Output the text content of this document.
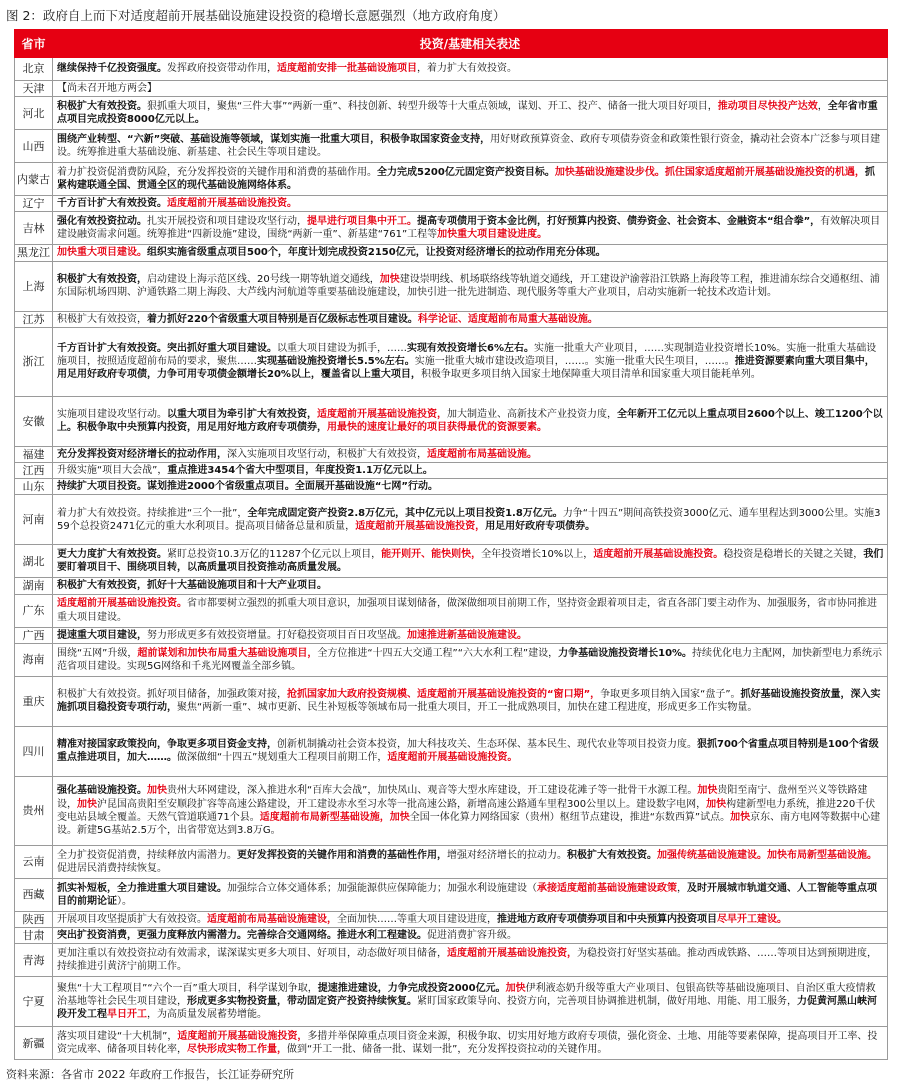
图 2：政府自上而下对适度超前开展基础设施建设投资的稳增长意愿强烈（地方政府角度）
省市	投资/基建相关表述
北京	继续保持千亿投资强度。发挥政府投资带动作用，适度超前安排一批基础设施项目，着力扩大有效投资。
天津	【尚未召开地方两会】
河北	积极扩大有效投资。狠抓重大项目，聚焦“三件大事”“两新一重”、科技创新、转型升级等十大重点领域，谋划、开工、投产、储备一批大项目好项目，推动项目尽快投产达效，全年省市重点项目完成投资8000亿元以上。
山西	围绕产业转型、“六新”突破、基础设施等领域，谋划实施一批重大项目，积极争取国家资金支持，用好财政预算资金、政府专项债券资金和政策性银行资金，撬动社会资本广泛参与项目建设。统筹推进重大基础设施、新基建、社会民生等项目建设。
内蒙古	着力扩投资促消费防风险，充分发挥投资的关键作用和消费的基础作用。全力完成5200亿元固定资产投资目标。加快基础设施建设步伐。抓住国家适度超前开展基础设施投资的机遇，抓紧构建联通全国、贯通全区的现代基础设施网络体系。
辽宁	千方百计扩大有效投资。适度超前开展基础设施投资。
吉林	强化有效投资拉动。扎实开展投资和项目建设攻坚行动，提早进行项目集中开工。提高专项债用于资本金比例，打好预算内投资、债券资金、社会资本、金融资本“组合拳”，有效解决项目建设融资需求问题。统筹推进“四新设施”建设，围绕“两新一重”、新基建“761”工程等加快重大项目建设进度。
黑龙江	加快重大项目建设。组织实施省级重点项目500个，年度计划完成投资2150亿元，让投资对经济增长的拉动作用充分体现。
上海	积极扩大有效投资，启动建设上海示范区线、20号线一期等轨道交通线，加快建设崇明线、机场联络线等轨道交通线，开工建设沪渝蓉沿江铁路上海段等工程，推进浦东综合交通枢纽、浦东国际机场四期、沪通铁路二期上海段、大芦线内河航道等重要基础设施建设，加快引进一批先进制造、现代服务等重大产业项目，启动实施新一轮技术改造计划。
江苏	积极扩大有效投资，着力抓好220个省级重大项目特别是百亿级标志性项目建设。科学论证、适度超前布局重大基础设施。
浙江	千方百计扩大有效投资。突出抓好重大项目建设。以重大项目建设为抓手，……实现有效投资增长6%左右。实施一批重大产业项目，……实现制造业投资增长10%。实施一批重大基础设施项目，按照适度超前布局的要求，聚焦……实现基础设施投资增长5.5%左右。实施一批重大城市建设改造项目，……。实施一批重大民生项目，……。推进资源要素向重大项目集中，用足用好政府专项债，力争可用专项债金额增长20%以上，覆盖省以上重大项目，积极争取更多项目纳入国家土地保障重大项目清单和国家重大项目能耗单列。
安徽	实施项目建设攻坚行动。以重大项目为牵引扩大有效投资，适度超前开展基础设施投资，加大制造业、高新技术产业投资力度，全年新开工亿元以上重点项目2600个以上、竣工1200个以上。积极争取中央预算内投资，用足用好地方政府专项债券，用最快的速度让最好的项目获得最优的资源要素。
福建	充分发挥投资对经济增长的拉动作用，深入实施项目攻坚行动，积极扩大有效投资，适度超前布局基础设施。
江西	升级实施“项目大会战”，重点推进3454个省大中型项目，年度投资1.1万亿元以上。
山东	持续扩大项目投资。谋划推进2000个省级重点项目。全面展开基础设施“七网”行动。
河南	着力扩大有效投资。持续推进“三个一批”，全年完成固定资产投资2.8万亿元，其中亿元以上项目投资1.8万亿元。力争“十四五”期间高铁投资3000亿元、通车里程达到3000公里。实施359个总投资2471亿元的重大水利项目。提高项目储备总量和质量，适度超前开展基础设施投资，用足用好政府专项债券。
湖北	更大力度扩大有效投资。紧盯总投资10.3万亿的11287个亿元以上项目，能开则开、能快则快，全年投资增长10%以上，适度超前开展基础设施投资。稳投资是稳增长的关键之关键，我们要盯着项目干、围绕项目转，以高质量项目投资推动高质量发展。
湖南	积极扩大有效投资，抓好十大基础设施项目和十大产业项目。
广东	适度超前开展基础设施投资。省市都要树立强烈的抓重大项目意识，加强项目谋划储备，做深做细项目前期工作，坚持资金跟着项目走，省直各部门要主动作为、加强服务，省市协同推进重大项目建设。
广西	提速重大项目建设，努力形成更多有效投资增量。打好稳投资项目百日攻坚战。加速推进新基础设施建设。
海南	围绕“五网”升级，超前谋划和加快布局重大基础设施项目，全方位推进“十四五大交通工程”“六大水利工程”建设，力争基础设施投资增长10%。持续优化电力主配网，加快新型电力系统示范省项目建设。实现5G网络和千兆光网覆盖全部乡镇。
重庆	积极扩大有效投资。抓好项目储备，加强政策对接，抢抓国家加大政府投资规模、适度超前开展基础设施投资的“窗口期”，争取更多项目纳入国家“盘子”。抓好基础设施投资放量，深入实施抓项目稳投资专项行动，聚焦“两新一重”、城市更新、民生补短板等领域布局一批重大项目，开工一批成熟项目，加快在建工程进度，形成更多工作实物量。
四川	精准对接国家政策投向，争取更多项目资金支持，创新机制撬动社会资本投资，加大科技攻关、生态环保、基本民生、现代农业等项目投资力度。狠抓700个省重点项目特别是100个省级重点推进项目，加大……。做深做细“十四五”规划重大工程项目前期工作，适度超前开展基础设施投资。
贵州	强化基础设施投资。加快贵州大环网建设，深入推进水利“百库大会战”，加快凤山、观音等大型水库建设，开工建设花滩子等一批骨干水源工程。加快贵阳至南宁、盘州至兴义等铁路建设，加快沪昆国高贵阳至安顺段扩容等高速公路建设，开工建设赤水至习水等一批高速公路，新增高速公路通车里程300公里以上。建设数字电网，加快构建新型电力系统，推进220千伏变电站县域全覆盖。天然气管道联通71个县。适度超前布局新型基础设施，加快全国一体化算力网络国家（贵州）枢纽节点建设，推进“东数西算”试点。加快京东、南方电网等数据中心建设。新建5G基站2.5万个，出省带宽达到3.8万G。
云南	全力扩投资促消费，持续释放内需潜力。更好发挥投资的关键作用和消费的基础性作用，增强对经济增长的拉动力。积极扩大有效投资。加强传统基础设施建设。加快布局新型基础设施。促进居民消费持续恢复。
西藏	抓实补短板，全力推进重大项目建设。加强综合立体交通体系；加强能源供应保障能力；加强水利设施建设（承接适度超前基础设施建设政策，及时开展城市轨道交通、人工智能等重点项目的前期论证）。
陕西	开展项目攻坚提质扩大有效投资。适度超前布局基础设施建设，全面加快……等重大项目建设进度，推进地方政府专项债券项目和中央预算内投资项目尽早开工建设。
甘肃	突出扩投资消费，更强力度释放内需潜力。完善综合交通网络。推进水利工程建设。促进消费扩容升级。
青海	更加注重以有效投资拉动有效需求，谋深谋实更多大项目、好项目，动态做好项目储备，适度超前开展基础设施投资，为稳投资打好坚实基础。推动西成铁路、……等项目达到预期进度，持续推进引黄济宁前期工作。
宁夏	聚焦“十大工程项目”“六个一百”重大项目，科学谋划争取，提速推进建设，力争完成投资2000亿元。加快伊利液态奶升级等重大产业项目、包银高铁等基础设施项目、自治区重大疫情救治基地等社会民生项目建设，形成更多实物投资量，带动固定资产投资持续恢复。紧盯国家政策导向、投资方向，完善项目协调推进机制，做好用地、用能、用工服务，力促黄河黑山峡河段开发工程早日开工，为高质量发展蓄势增能。
新疆	落实项目建设“十大机制”，适度超前开展基础设施投资，多措并举保障重点项目资金来源，积极争取、切实用好地方政府专项债，强化资金、土地、用能等要素保障，提高项目开工率、投资完成率、储备项目转化率，尽快形成实物工作量，做到“开工一批、储备一批、谋划一批”，充分发挥投资拉动的关键作用。
资料来源：各省市 2022 年政府工作报告，长江证券研究所
